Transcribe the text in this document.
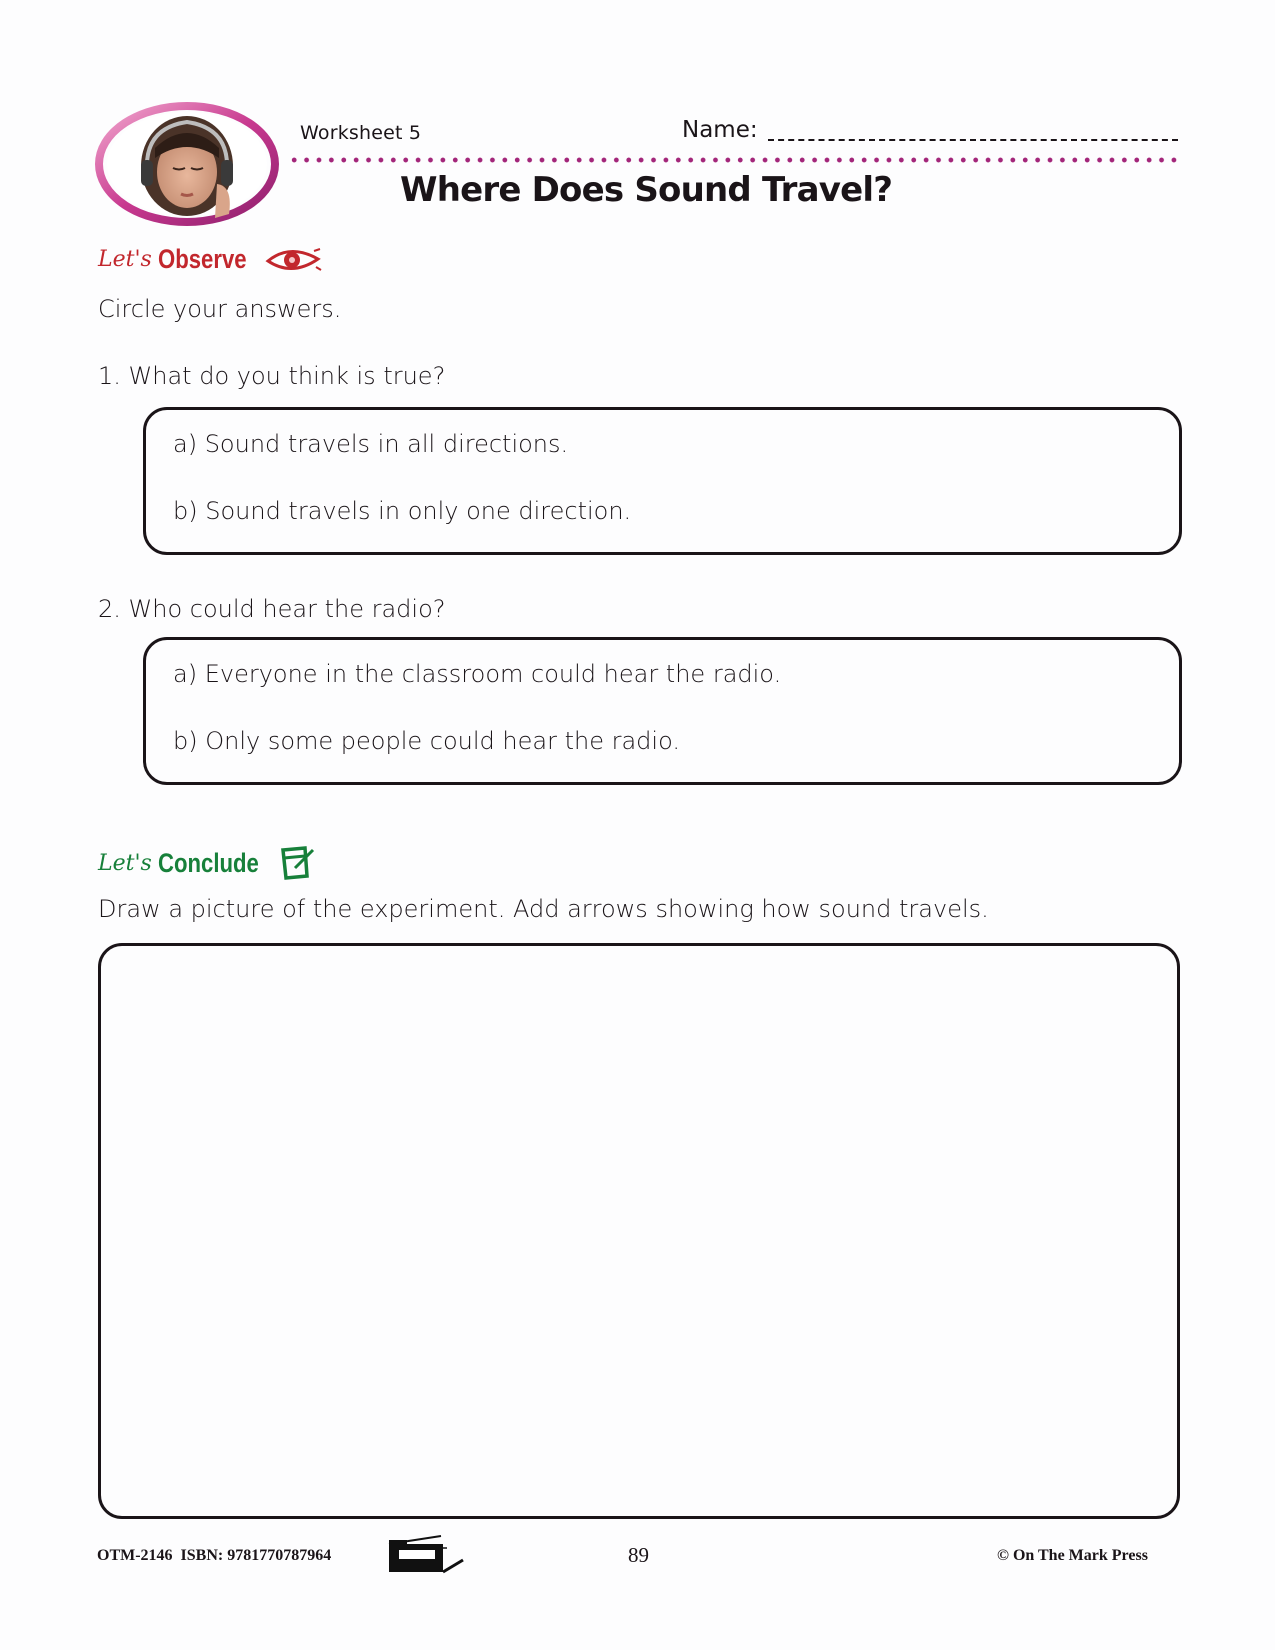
Worksheet 5	Name:
Where Does Sound Travel?
Let's Observe
Circle your answers.
1. What do you think is true?
a) Sound travels in all directions.
b) Sound travels in only one direction.
2. Who could hear the radio?
a) Everyone in the classroom could hear the radio.
b) Only some people could hear the radio.
Let's Conclude
Draw a picture of the experiment. Add arrows showing how sound travels.
OTM-2146  ISBN: 9781770787964	89	© On The Mark Press
